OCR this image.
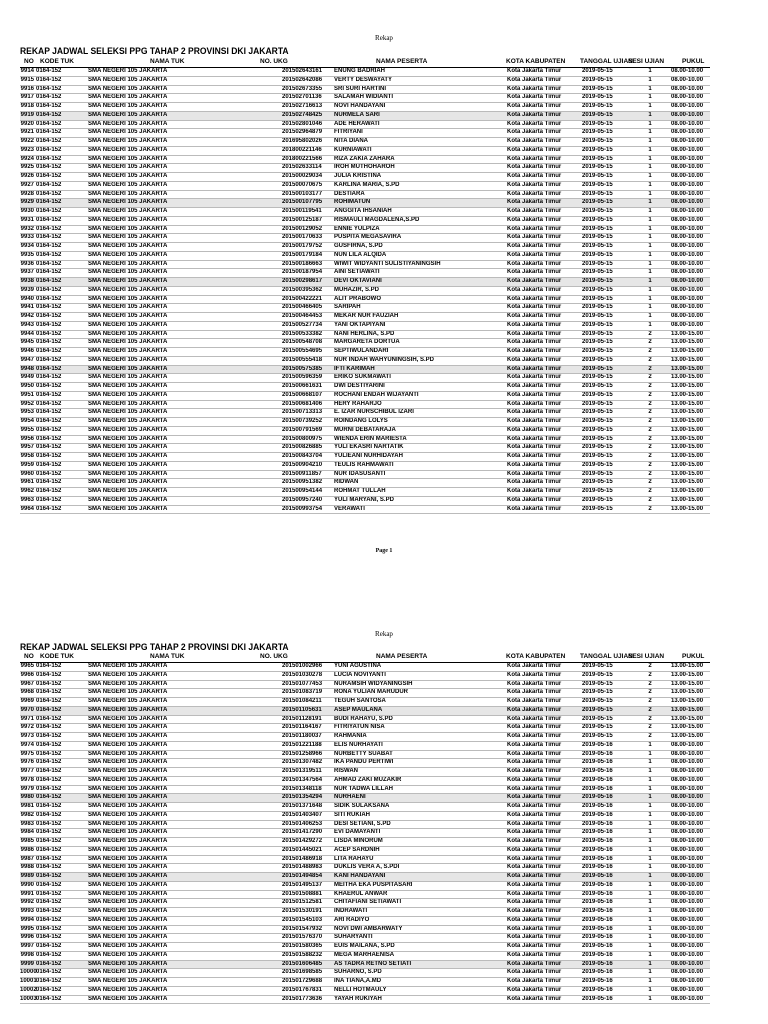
Rekap
REKAP JADWAL SELEKSI PPG TAHAP 2 PROVINSI DKI JAKARTA
NO KODE TUK	NAMA TUK	NO. UKG	NAMA PESERTA	KOTA KABUPATEN TANGGAL UJIAN
SESI UJIAN	PUKUL
9914 0164-152	SMA NEGERI 105 JAKARTA	201502643161 ENUNG BADRIAH	Kota Jakarta Timur	2019-05-15	1	08.00-10.00
9915 0164-152	SMA NEGERI 105 JAKARTA	201502642086 VERTY DESWAYATY	Kota Jakarta Timur	2019-05-15	1	08.00-10.00
9916 0164-152	SMA NEGERI 105 JAKARTA	201502673355 SRI SURI HARTINI	Kota Jakarta Timur	2019-05-15	1	08.00-10.00
9917 0164-152	SMA NEGERI 105 JAKARTA	201502701136 SALAMAH WIDIANTI	Kota Jakarta Timur	2019-05-15	1	08.00-10.00
9918 0164-152	SMA NEGERI 105 JAKARTA	201502716613 NOVI HANDAYANI	Kota Jakarta Timur	2019-05-15	1	08.00-10.00
9919 0164-152	SMA NEGERI 105 JAKARTA	201502748425 NURMELA SARI	Kota Jakarta Timur	2019-05-15	1	08.00-10.00
9920 0164-152	SMA NEGERI 105 JAKARTA	201502801046 ADE HERAWATI	Kota Jakarta Timur	2019-05-15	1	08.00-10.00
9921 0164-152	SMA NEGERI 105 JAKARTA	201502964879 FITRIYANI	Kota Jakarta Timur	2019-05-15	1	08.00-10.00
9922 0164-152	SMA NEGERI 105 JAKARTA	201695802026 NITA DIANA	Kota Jakarta Timur	2019-05-15	1	08.00-10.00
9923 0164-152	SMA NEGERI 105 JAKARTA	201800221146 KURNIAWATI	Kota Jakarta Timur	2019-05-15	1	08.00-10.00
9924 0164-152	SMA NEGERI 105 JAKARTA	201800221566 RIZA ZAKIA ZAHARA	Kota Jakarta Timur	2019-05-15	1	08.00-10.00
9925 0164-152	SMA NEGERI 105 JAKARTA	201502633114 IROH MUTHOHAROH	Kota Jakarta Timur	2019-05-15	1	08.00-10.00
9926 0164-152	SMA NEGERI 105 JAKARTA	201500029034 JULIA KRISTINA	Kota Jakarta Timur	2019-05-15	1	08.00-10.00
9927 0164-152	SMA NEGERI 105 JAKARTA	201500070675 KARLINA MARIA, S.PD	Kota Jakarta Timur	2019-05-15	1	08.00-10.00
9928 0164-152	SMA NEGERI 105 JAKARTA	201500103177 DESTIARA	Kota Jakarta Timur	2019-05-15	1	08.00-10.00
9929 0164-152	SMA NEGERI 105 JAKARTA	201500107795 ROHIMATUN	Kota Jakarta Timur	2019-05-15	1	08.00-10.00
9930 0164-152	SMA NEGERI 105 JAKARTA	201500119541 ANGGITA IHSANIAH	Kota Jakarta Timur	2019-05-15	1	08.00-10.00
9931 0164-152	SMA NEGERI 105 JAKARTA	201500125187 RISMAULI MAGDALENA,S.PD	Kota Jakarta Timur	2019-05-15	1	08.00-10.00
9932 0164-152	SMA NEGERI 105 JAKARTA	201500129052 ENNIE YULPIZA	Kota Jakarta Timur	2019-05-15	1	08.00-10.00
9933 0164-152	SMA NEGERI 105 JAKARTA	201500170633 PUSPITA MEGASAVIRA	Kota Jakarta Timur	2019-05-15	1	08.00-10.00
9934 0164-152	SMA NEGERI 105 JAKARTA	201500179752 GUSFIRNA, S.PD	Kota Jakarta Timur	2019-05-15	1	08.00-10.00
9935 0164-152	SMA NEGERI 105 JAKARTA	201500179184 NUN LILA ALQIDA	Kota Jakarta Timur	2019-05-15	1	08.00-10.00
9936 0164-152	SMA NEGERI 105 JAKARTA	201500186663 WIWIT WIDYANTI SULISTIYANINGSIH	Kota Jakarta Timur	2019-05-15	1	08.00-10.00
9937 0164-152	SMA NEGERI 105 JAKARTA	201500187954 AINI SETIAWATI	Kota Jakarta Timur	2019-05-15	1	08.00-10.00
9938 0164-152	SMA NEGERI 105 JAKARTA	201500298617 DEVI OKTAVIANI	Kota Jakarta Timur	2019-05-15	1	08.00-10.00
9939 0164-152	SMA NEGERI 105 JAKARTA	201500395362 MUHAZIR, S.PD	Kota Jakarta Timur	2019-05-15	1	08.00-10.00
9940 0164-152	SMA NEGERI 105 JAKARTA	201500422221 ALIT PRABOWO	Kota Jakarta Timur	2019-05-15	1	08.00-10.00
9941 0164-152	SMA NEGERI 105 JAKARTA	201500466405 SARIPAH	Kota Jakarta Timur	2019-05-15	1	08.00-10.00
9942 0164-152	SMA NEGERI 105 JAKARTA	201500464453 MEKAR NUR FAUZIAH	Kota Jakarta Timur	2019-05-15	1	08.00-10.00
9943 0164-152	SMA NEGERI 105 JAKARTA	201500527734 YANI OKTAPIYANI	Kota Jakarta Timur	2019-05-15	1	08.00-10.00
9944 0164-152	SMA NEGERI 105 JAKARTA	201500533382 NANI HERLINA, S.PD	Kota Jakarta Timur	2019-05-15	2	13.00-15.00
9945 0164-152	SMA NEGERI 105 JAKARTA	201500548708 MARGARETA DORTUA	Kota Jakarta Timur	2019-05-15	2	13.00-15.00
9946 0164-152	SMA NEGERI 105 JAKARTA	201500554695 SEPTIWULANDARI	Kota Jakarta Timur	2019-05-15	2	13.00-15.00
9947 0164-152	SMA NEGERI 105 JAKARTA	201500555418 NUR INDAH WAHYUNINGSIH, S.PD	Kota Jakarta Timur	2019-05-15	2	13.00-15.00
9948 0164-152	SMA NEGERI 105 JAKARTA	201500575385 IFTI KARIMAH	Kota Jakarta Timur	2019-05-15	2	13.00-15.00
9949 0164-152	SMA NEGERI 105 JAKARTA	201500596359 ERIKO SUKMAWATI	Kota Jakarta Timur	2019-05-15	2	13.00-15.00
9950 0164-152	SMA NEGERI 105 JAKARTA	201500661631 DWI DESTIYARINI	Kota Jakarta Timur	2019-05-15	2	13.00-15.00
9951 0164-152	SMA NEGERI 105 JAKARTA	201500668107 ROCHANI ENDAH WIJAYANTI	Kota Jakarta Timur	2019-05-15	2	13.00-15.00
9952 0164-152	SMA NEGERI 105 JAKARTA	201500681406 HERY RAHARJO	Kota Jakarta Timur	2019-05-15	2	13.00-15.00
9953 0164-152	SMA NEGERI 105 JAKARTA	201500713313 E. IZAR NURSCHIBUL IZARI	Kota Jakarta Timur	2019-05-15	2	13.00-15.00
9954 0164-152	SMA NEGERI 105 JAKARTA	201500739252 ROINDANG LOLYS	Kota Jakarta Timur	2019-05-15	2	13.00-15.00
9955 0164-152	SMA NEGERI 105 JAKARTA	201500791569 MURNI DEBATARAJA	Kota Jakarta Timur	2019-05-15	2	13.00-15.00
9956 0164-152	SMA NEGERI 105 JAKARTA	201500800975 WIENDA ERIN MARIESTA	Kota Jakarta Timur	2019-05-15	2	13.00-15.00
9957 0164-152	SMA NEGERI 105 JAKARTA	201500826885 YULI EKASRI NARTATIK	Kota Jakarta Timur	2019-05-15	2	13.00-15.00
9958 0164-152	SMA NEGERI 105 JAKARTA	201500843704 YULIEANI NURHIDAYAH	Kota Jakarta Timur	2019-05-15	2	13.00-15.00
9959 0164-152	SMA NEGERI 105 JAKARTA	201500904210 TEULIS RAHMAWATI	Kota Jakarta Timur	2019-05-15	2	13.00-15.00
9960 0164-152	SMA NEGERI 105 JAKARTA	201500911857 NUR IDASUSANTI	Kota Jakarta Timur	2019-05-15	2	13.00-15.00
9961 0164-152	SMA NEGERI 105 JAKARTA	201500951382 RIDWAN	Kota Jakarta Timur	2019-05-15	2	13.00-15.00
9962 0164-152	SMA NEGERI 105 JAKARTA	201500954144 ROHMAT TULLAH	Kota Jakarta Timur	2019-05-15	2	13.00-15.00
9963 0164-152	SMA NEGERI 105 JAKARTA	201500957240 YULI MARYANI, S.PD	Kota Jakarta Timur	2019-05-15	2	13.00-15.00
9964 0164-152	SMA NEGERI 105 JAKARTA	201500993754 VERAWATI	Kota Jakarta Timur	2019-05-15	2	13.00-15.00
Page 1
Rekap
REKAP JADWAL SELEKSI PPG TAHAP 2 PROVINSI DKI JAKARTA
NO KODE TUK	NAMA TUK	NO. UKG	NAMA PESERTA	KOTA KABUPATEN TANGGAL UJIAN
SESI UJIAN	PUKUL
9965 0164-152	SMA NEGERI 105 JAKARTA	201501002966 YUNI AGUSTINA	Kota Jakarta Timur	2019-05-15	2	13.00-15.00
9966 0164-152	SMA NEGERI 105 JAKARTA	201501030278 LUCIA NOVIYANTI	Kota Jakarta Timur	2019-05-15	2	13.00-15.00
9967 0164-152	SMA NEGERI 105 JAKARTA	201501077453 NURAMSIH WIDYANINGSIH	Kota Jakarta Timur	2019-05-15	2	13.00-15.00
9968 0164-152	SMA NEGERI 105 JAKARTA	201501083719 RONA YULIAN MARUDUR	Kota Jakarta Timur	2019-05-15	2	13.00-15.00
9969 0164-152	SMA NEGERI 105 JAKARTA	201501084211 TEGUH SANTOSA	Kota Jakarta Timur	2019-05-15	2	13.00-15.00
9970 0164-152	SMA NEGERI 105 JAKARTA	201501105631 ASEP MAULANA	Kota Jakarta Timur	2019-05-15	2	13.00-15.00
9971 0164-152	SMA NEGERI 105 JAKARTA	201501128191 BUDI RAHAYU, S.PD	Kota Jakarta Timur	2019-05-15	2	13.00-15.00
9972 0164-152	SMA NEGERI 105 JAKARTA	201501164167 FITRIYATUN NISA	Kota Jakarta Timur	2019-05-15	2	13.00-15.00
9973 0164-152	SMA NEGERI 105 JAKARTA	201501180037 RAHMANIA	Kota Jakarta Timur	2019-05-15	2	13.00-15.00
9974 0164-152	SMA NEGERI 105 JAKARTA	201501221188 ELIS NURHAYATI	Kota Jakarta Timur	2019-05-16	1	08.00-10.00
9975 0164-152	SMA NEGERI 105 JAKARTA	201501258966 NURBETTY SUABAT	Kota Jakarta Timur	2019-05-16	1	08.00-10.00
9976 0164-152	SMA NEGERI 105 JAKARTA	201501307482 IKA PANDU PERTIWI	Kota Jakarta Timur	2019-05-16	1	08.00-10.00
9977 0164-152	SMA NEGERI 105 JAKARTA	201501319511 RISWAN	Kota Jakarta Timur	2019-05-16	1	08.00-10.00
9978 0164-152	SMA NEGERI 105 JAKARTA	201501347564 AHMAD ZAKI MUZAKIR	Kota Jakarta Timur	2019-05-16	1	08.00-10.00
9979 0164-152	SMA NEGERI 105 JAKARTA	201501348118 NUR TADWA LILLAH	Kota Jakarta Timur	2019-05-16	1	08.00-10.00
9980 0164-152	SMA NEGERI 105 JAKARTA	201501354294 NURHAENI	Kota Jakarta Timur	2019-05-16	1	08.00-10.00
9981 0164-152	SMA NEGERI 105 JAKARTA	201501371648 SIDIK SULAKSANA	Kota Jakarta Timur	2019-05-16	1	08.00-10.00
9982 0164-152	SMA NEGERI 105 JAKARTA	201501403407 SITI RUKIAH	Kota Jakarta Timur	2019-05-16	1	08.00-10.00
9983 0164-152	SMA NEGERI 105 JAKARTA	201501406253 DESI SETIANI, S.PD	Kota Jakarta Timur	2019-05-16	1	08.00-10.00
9984 0164-152	SMA NEGERI 105 JAKARTA	201501417290 EVI DAMAYANTI	Kota Jakarta Timur	2019-05-16	1	08.00-10.00
9985 0164-152	SMA NEGERI 105 JAKARTA	201501429272 LISDA MINORUM	Kota Jakarta Timur	2019-05-16	1	08.00-10.00
9986 0164-152	SMA NEGERI 105 JAKARTA	201501445021 ACEP SARDNIH	Kota Jakarta Timur	2019-05-16	1	08.00-10.00
9987 0164-152	SMA NEGERI 105 JAKARTA	201501486918 LITA RAHAYU	Kota Jakarta Timur	2019-05-16	1	08.00-10.00
9988 0164-152	SMA NEGERI 105 JAKARTA	201501488983 DUKLIS VERA A, S.PDI	Kota Jakarta Timur	2019-05-16	1	08.00-10.00
9989 0164-152	SMA NEGERI 105 JAKARTA	201501494854 KANI HANDAYANI	Kota Jakarta Timur	2019-05-16	1	08.00-10.00
9990 0164-152	SMA NEGERI 105 JAKARTA	201501495137 MEITHA EKA PUSPITASARI	Kota Jakarta Timur	2019-05-16	1	08.00-10.00
9991 0164-152	SMA NEGERI 105 JAKARTA	201501508881 KHAERUL ANWAR	Kota Jakarta Timur	2019-05-16	1	08.00-10.00
9992 0164-152	SMA NEGERI 105 JAKARTA	201501512581 CHITAFIANI SETIAWATI	Kota Jakarta Timur	2019-05-16	1	08.00-10.00
9993 0164-152	SMA NEGERI 105 JAKARTA	201501530191 INDRAWATI	Kota Jakarta Timur	2019-05-16	1	08.00-10.00
9994 0164-152	SMA NEGERI 105 JAKARTA	201501545103 ARI RADIYO	Kota Jakarta Timur	2019-05-16	1	08.00-10.00
9995 0164-152	SMA NEGERI 105 JAKARTA	201501547932 NOVI DWI AMBARWATY	Kota Jakarta Timur	2019-05-16	1	08.00-10.00
9996 0164-152	SMA NEGERI 105 JAKARTA	201501576370 SUHARYANTI	Kota Jakarta Timur	2019-05-16	1	08.00-10.00
9997 0164-152	SMA NEGERI 105 JAKARTA	201501580365 EUIS MAILANA, S.PD	Kota Jakarta Timur	2019-05-16	1	08.00-10.00
9998 0164-152	SMA NEGERI 105 JAKARTA	201501588232 MEGA MARHAENISA	Kota Jakarta Timur	2019-05-16	1	08.00-10.00
9999 0164-152	SMA NEGERI 105 JAKARTA	201501606485 AS TADRA RETNO SETIATI	Kota Jakarta Timur	2019-05-16	1	08.00-10.00
10000 0164-152	SMA NEGERI 105 JAKARTA	201501698585 SUHARNO, S.PD	Kota Jakarta Timur	2019-05-16	1	08.00-10.00
10001 0164-152	SMA NEGERI 105 JAKARTA	201501729688 INA TIANA,A.MD	Kota Jakarta Timur	2019-05-16	1	08.00-10.00
10002 0164-152	SMA NEGERI 105 JAKARTA	201501767831 NELLI HOTMAULY	Kota Jakarta Timur	2019-05-16	1	08.00-10.00
10003 0164-152	SMA NEGERI 105 JAKARTA	201501773636 YAYAH RUKIYAH	Kota Jakarta Timur	2019-05-16	1	08.00-10.00
